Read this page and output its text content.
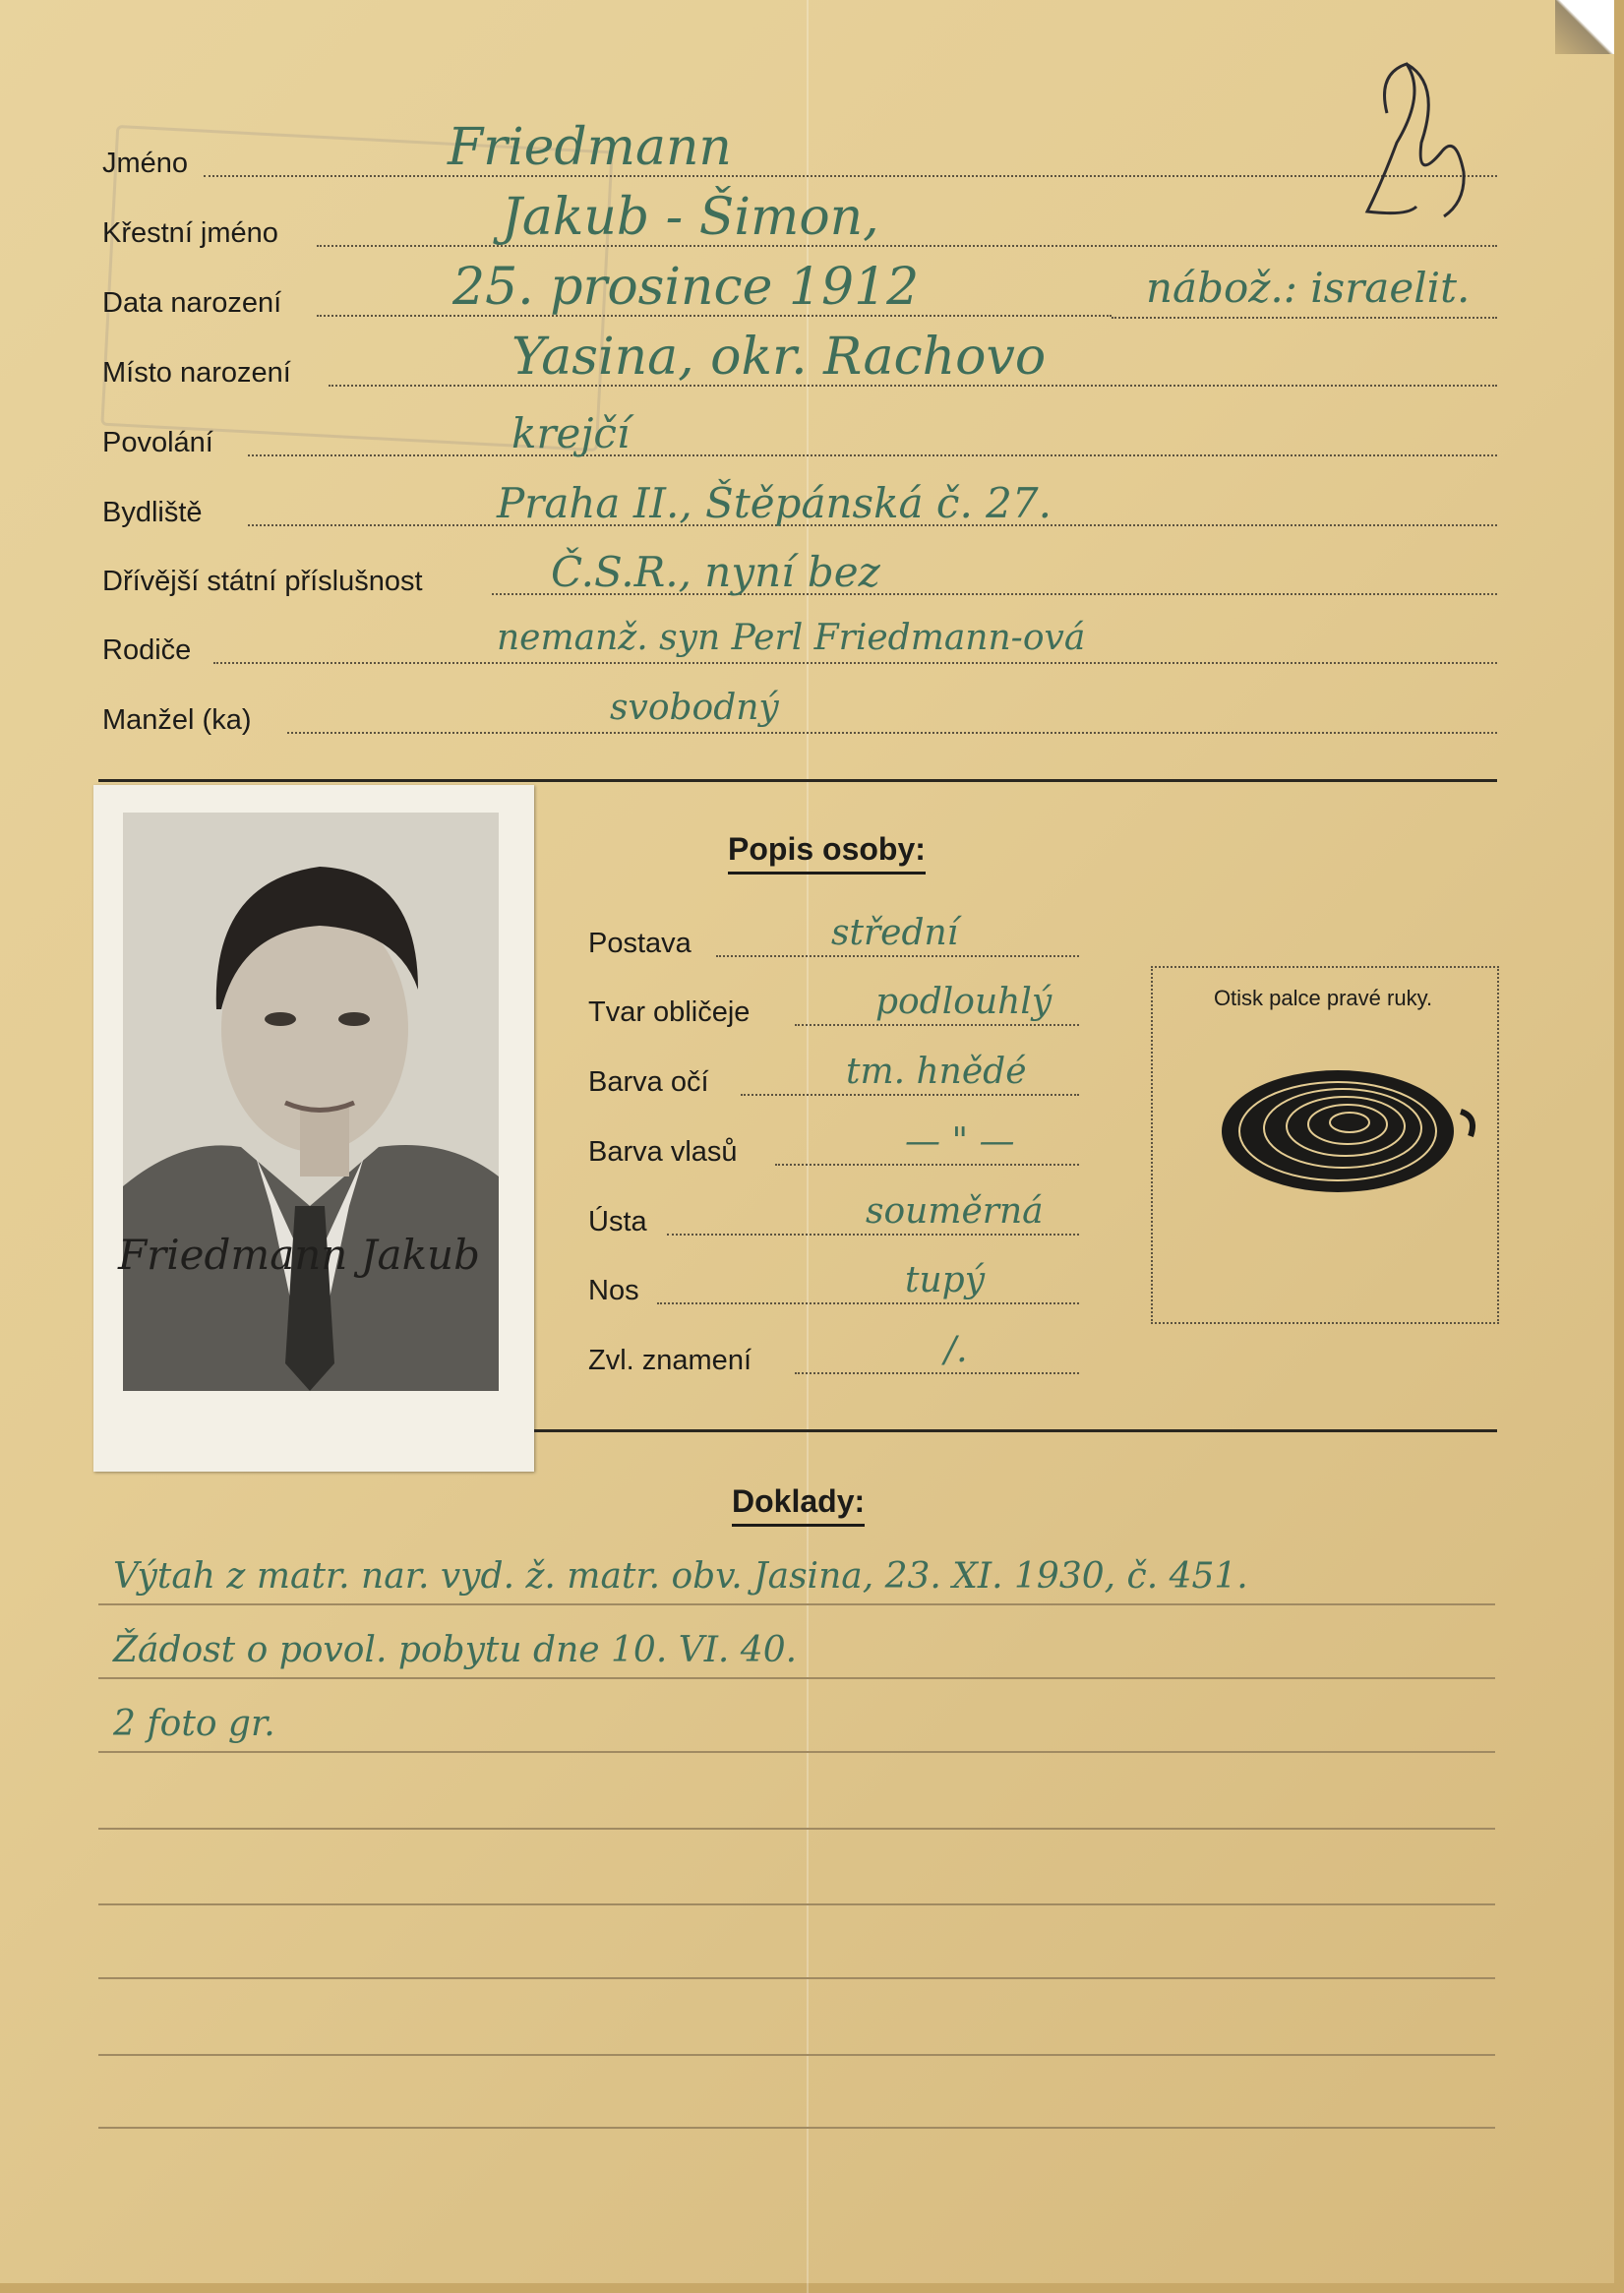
Jméno	Friedmann
Křestní jméno	Jakub - Šimon,
Data narození	25. prosince 1912
Místo narození	Yasina, okr. Rachovo
Povolání	krejčí
Bydliště	Praha II., Štěpánská č. 27.
Dřívější státní příslušnost	Č.S.R., nyní bez
Rodiče	nemanž. syn Perl Friedmann-ová
Manžel (ka)	svobodný
nábož.: israelit.
Friedmann Jakub
Popis osoby:
Postava	střední
Tvar obličeje	podlouhlý
Barva očí	tm. hnědé
Barva vlasů	— " —
Ústa	souměrná
Nos	tupý
Zvl. znamení	/.
Otisk palce pravé ruky.
Doklady:
Výtah z matr. nar. vyd. ž. matr. obv. Jasina, 23. XI. 1930, č. 451.
Žádost o povol. pobytu dne 10. VI. 40.
2 foto gr.
